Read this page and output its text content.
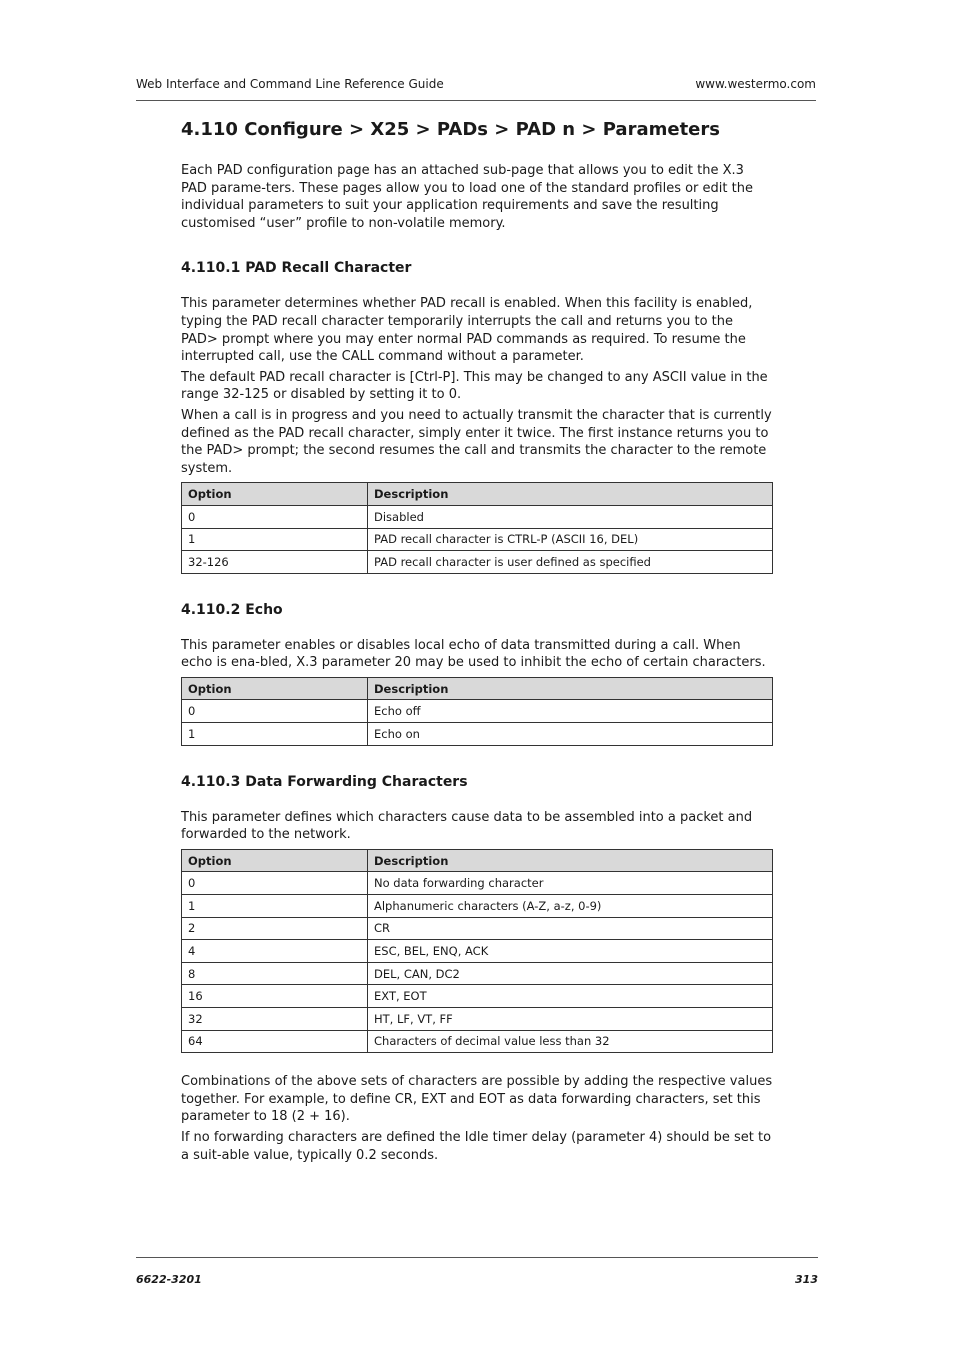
Web Interface and Command Line Reference Guide	www.westermo.com
4.110 Configure > X25 > PADs > PAD n > Parameters

Each PAD configuration page has an attached sub-page that allows you to edit the X.3 PAD parame-ters. These pages allow you to load one of the standard profiles or edit the individual parameters to suit your application requirements and save the resulting customised “user” profile to non-volatile memory.

4.110.1 PAD Recall Character

This parameter determines whether PAD recall is enabled. When this facility is enabled, typing the PAD recall character temporarily interrupts the call and returns you to the PAD> prompt where you may enter normal PAD commands as required. To resume the interrupted call, use the CALL command without a parameter.

The default PAD recall character is [Ctrl-P]. This may be changed to any ASCII value in the range 32-125 or disabled by setting it to 0.

When a call is in progress and you need to actually transmit the character that is currently defined as the PAD recall character, simply enter it twice. The first instance returns you to the PAD> prompt; the second resumes the call and transmits the character to the remote system.

Option	Description
0	Disabled
1	PAD recall character is CTRL-P (ASCII 16, DEL)
32-126	PAD recall character is user defined as specified
4.110.2 Echo

This parameter enables or disables local echo of data transmitted during a call. When echo is ena-bled, X.3 parameter 20 may be used to inhibit the echo of certain characters.

Option	Description
0	Echo off
1	Echo on
4.110.3 Data Forwarding Characters

This parameter defines which characters cause data to be assembled into a packet and forwarded to the network.

Option	Description
0	No data forwarding character
1	Alphanumeric characters (A-Z, a-z, 0-9)
2	CR
4	ESC, BEL, ENQ, ACK
8	DEL, CAN, DC2
16	EXT, EOT
32	HT, LF, VT, FF
64	Characters of decimal value less than 32

Combinations of the above sets of characters are possible by adding the respective values together. For example, to define CR, EXT and EOT as data forwarding characters, set this parameter to 18 (2 + 16).

If no forwarding characters are defined the Idle timer delay (parameter 4) should be set to a suit-able value, typically 0.2 seconds.

6622-3201	313
